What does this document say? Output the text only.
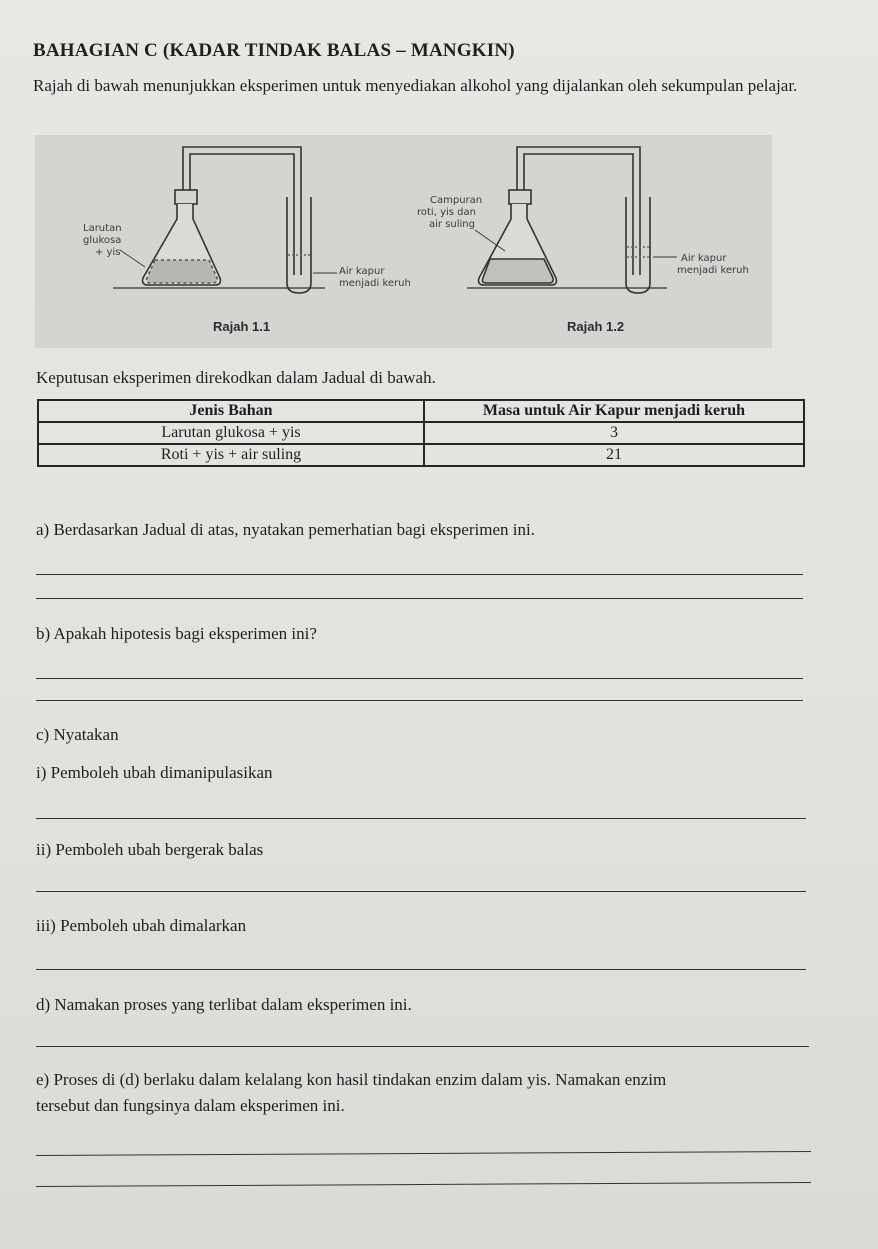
BAHAGIAN C (KADAR TINDAK BALAS – MANGKIN)
Rajah di bawah menunjukkan eksperimen untuk menyediakan alkohol yang dijalankan oleh sekumpulan pelajar.
Larutan
glukosa
+ yis
Air kapur
menjadi keruh
Rajah 1.1
Campuran
roti, yis dan
air suling
Air kapur
menjadi keruh
Rajah 1.2
Keputusan eksperimen direkodkan dalam Jadual di bawah.
Jenis Bahan	Masa untuk Air Kapur menjadi keruh
Larutan glukosa + yis	3
Roti + yis + air suling	21
a) Berdasarkan Jadual di atas, nyatakan pemerhatian bagi eksperimen ini.
b) Apakah hipotesis bagi eksperimen ini?
c) Nyatakan
i) Pemboleh ubah dimanipulasikan
ii) Pemboleh ubah bergerak balas
iii) Pemboleh ubah dimalarkan
d) Namakan proses yang terlibat dalam eksperimen ini.
e) Proses di (d) berlaku dalam kelalang kon hasil tindakan enzim dalam yis. Namakan enzim
tersebut dan fungsinya dalam eksperimen ini.
